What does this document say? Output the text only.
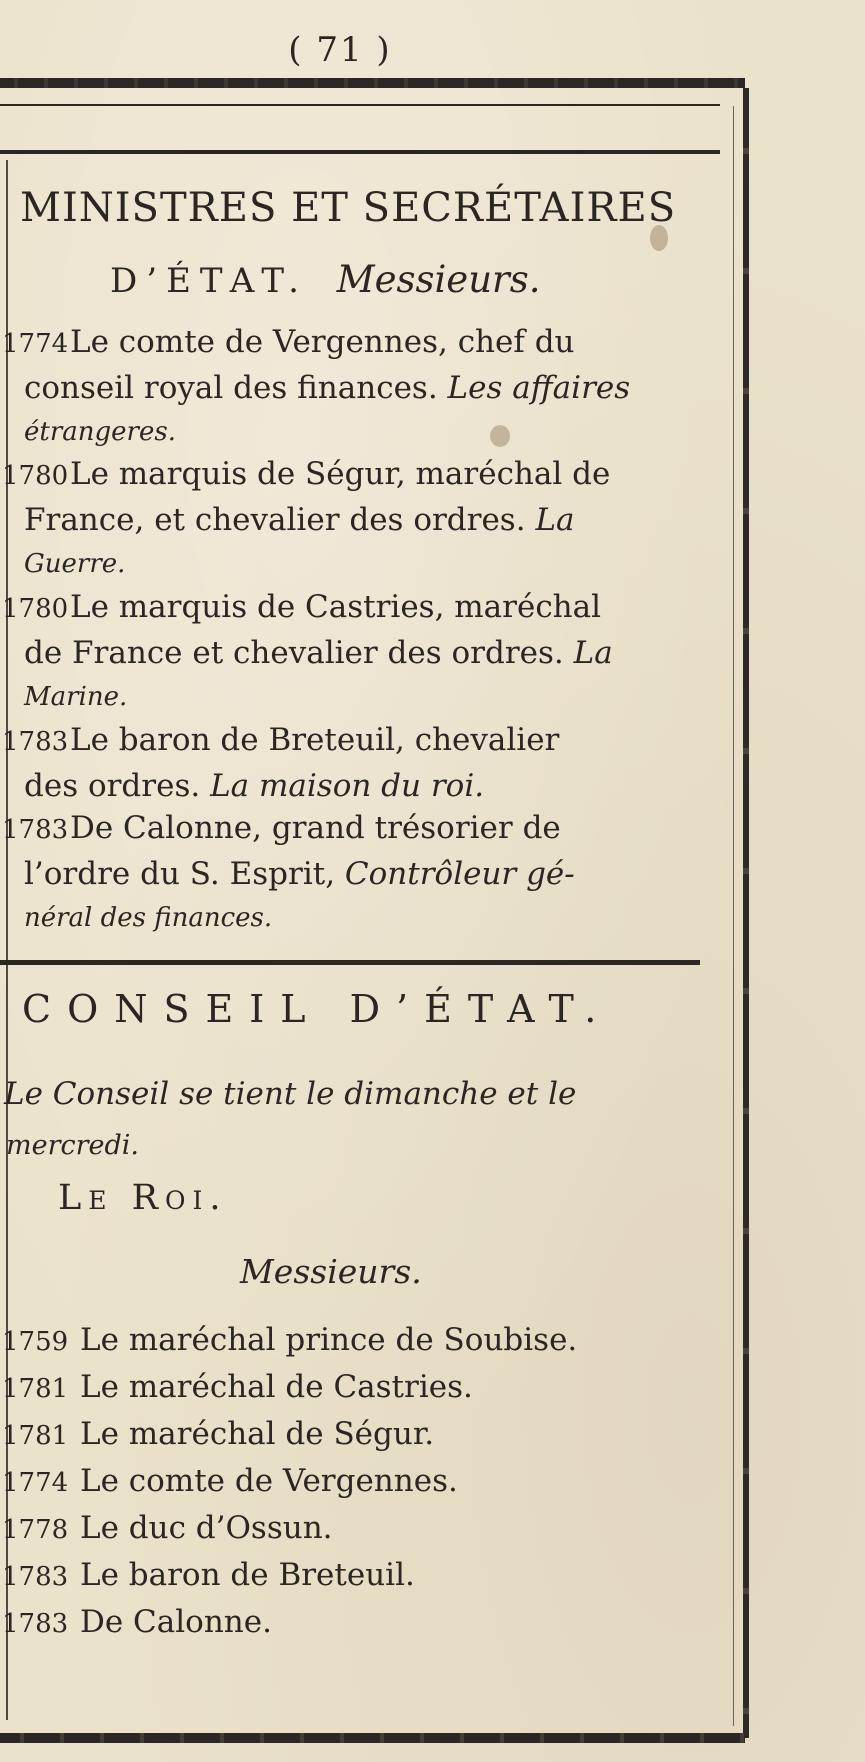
( 71 )
MINISTRES ET SECRÉTAIRES
D’ÉTAT. Messieurs.
1774Le comte de Vergennes, chef du
conseil royal des finances. Les affaires
étrangeres.
1780Le marquis de Ségur, maréchal de
France, et chevalier des ordres. La
Guerre.
1780Le marquis de Castries, maréchal
de France et chevalier des ordres. La
Marine.
1783Le baron de Breteuil, chevalier
des ordres. La maison du roi.
1783De Calonne, grand trésorier de
l’ordre du S. Esprit, Contrôleur gé-
néral des finances.
CONSEIL D’ÉTAT.
Le Conseil se tient le dimanche et le
mercredi.
Le Roi.
Messieurs.
1759 Le maréchal prince de Soubise.
1781 Le maréchal de Castries.
1781 Le maréchal de Ségur.
1774 Le comte de Vergennes.
1778 Le duc d’Ossun.
1783 Le baron de Breteuil.
1783 De Calonne.
